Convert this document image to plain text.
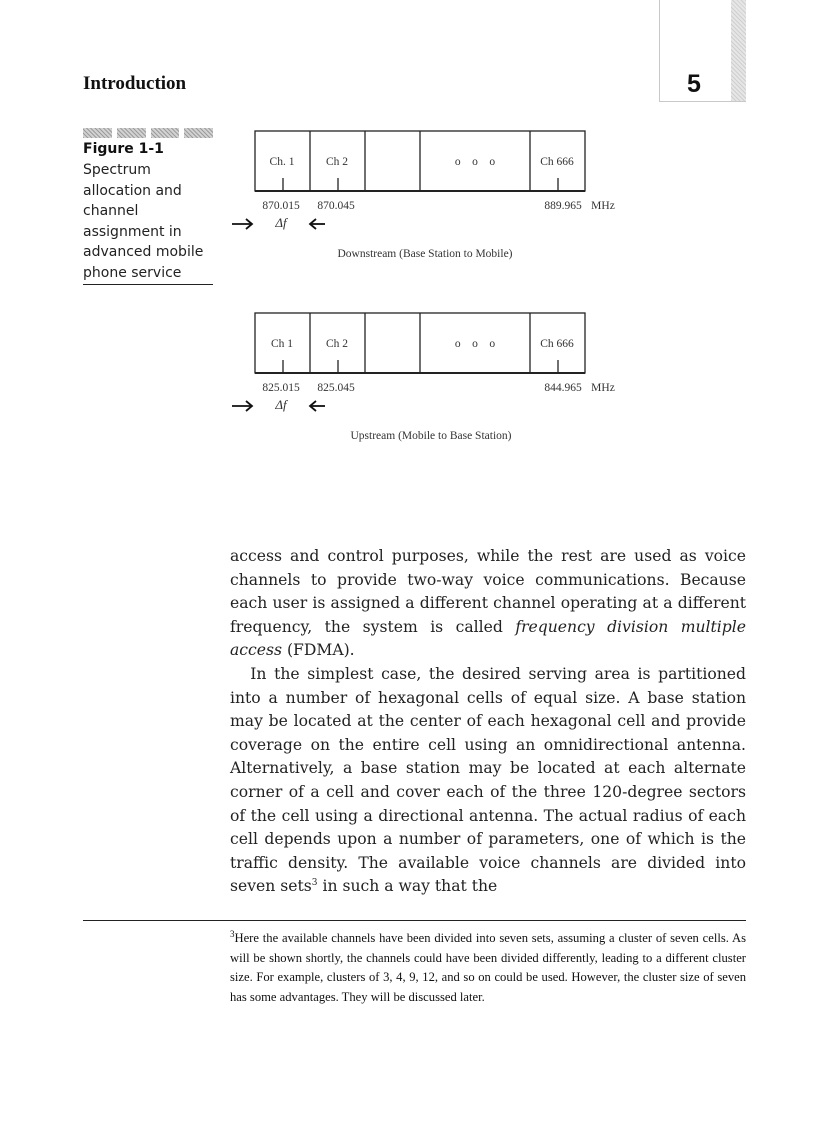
Introduction	5
Figure 1-1
Spectrum allocation and channel assignment in advanced mobile phone service
Ch. 1	Ch 2	o    o    o	Ch 666
870.015 870.045	889.965 MHz
Δf
Downstream (Base Station to Mobile)
Ch 1	Ch 2	o    o    o	Ch 666
825.015 825.045	844.965 MHz
Δf
Upstream (Mobile to Base Station)

access and control purposes, while the rest are used as voice channels to provide two-way voice communications. Because each user is assigned a different channel operating at a different frequency, the system is called frequency division multiple access (FDMA).

In the simplest case, the desired serving area is partitioned into a number of hexagonal cells of equal size. A base station may be located at the center of each hexagonal cell and provide coverage on the entire cell using an omnidirectional antenna. Alternatively, a base station may be located at each alternate corner of a cell and cover each of the three 120-degree sectors of the cell using a directional antenna. The actual radius of each cell depends upon a number of parameters, one of which is the traffic density. The available voice channels are divided into seven sets$^3$ in such a way that the

$^3$Here the available channels have been divided into seven sets, assuming a cluster of seven cells. As will be shown shortly, the channels could have been divided differently, leading to a different cluster size. For example, clusters of 3, 4, 9, 12, and so on could be used. However, the cluster size of seven has some advantages. They will be discussed later.
